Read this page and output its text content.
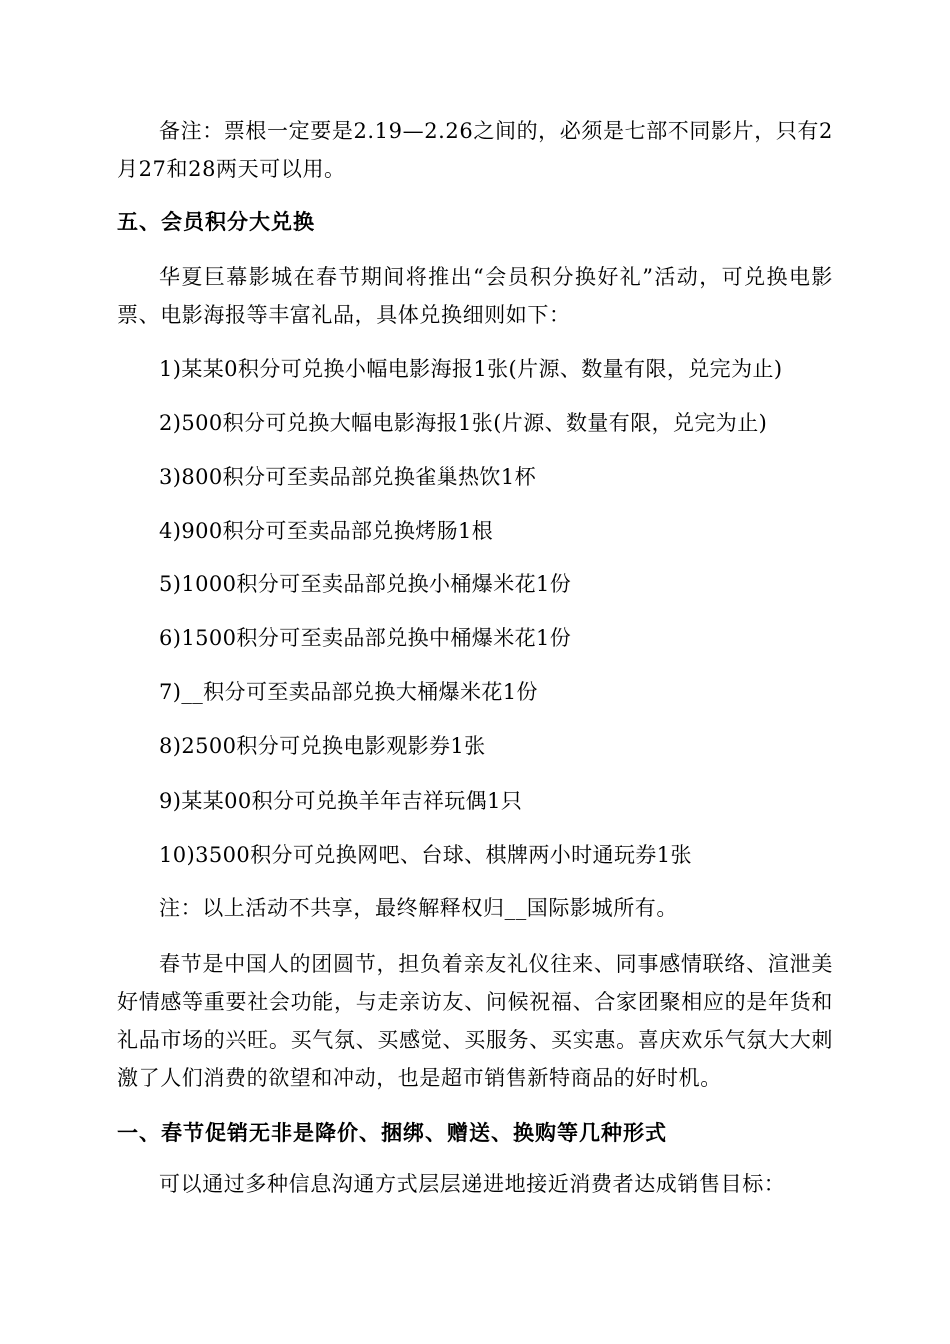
备注：票根一定要是2.19—2.26之间的，必须是七部不同影片，只有2月27和28两天可以用。

五、会员积分大兑换

华夏巨幕影城在春节期间将推出“会员积分换好礼”活动，可兑换电影票、电影海报等丰富礼品，具体兑换细则如下：

1)某某0积分可兑换小幅电影海报1张(片源、数量有限，兑完为止)

2)500积分可兑换大幅电影海报1张(片源、数量有限，兑完为止)

3)800积分可至卖品部兑换雀巢热饮1杯

4)900积分可至卖品部兑换烤肠1根

5)1000积分可至卖品部兑换小桶爆米花1份

6)1500积分可至卖品部兑换中桶爆米花1份

7)__积分可至卖品部兑换大桶爆米花1份

8)2500积分可兑换电影观影券1张

9)某某00积分可兑换羊年吉祥玩偶1只

10)3500积分可兑换网吧、台球、棋牌两小时通玩券1张

注：以上活动不共享，最终解释权归__国际影城所有。

春节是中国人的团圆节，担负着亲友礼仪往来、同事感情联络、渲泄美好情感等重要社会功能，与走亲访友、问候祝福、合家团聚相应的是年货和礼品市场的兴旺。买气氛、买感觉、买服务、买实惠。喜庆欢乐气氛大大刺激了人们消费的欲望和冲动，也是超市销售新特商品的好时机。

一、春节促销无非是降价、捆绑、赠送、换购等几种形式

可以通过多种信息沟通方式层层递进地接近消费者达成销售目标：
